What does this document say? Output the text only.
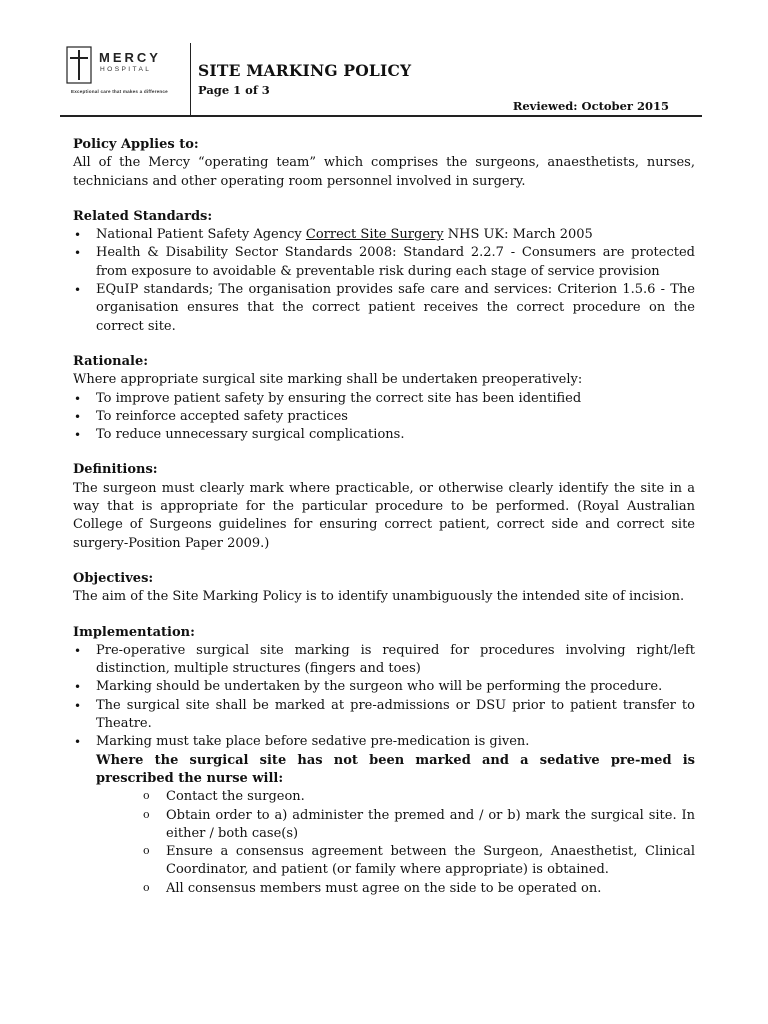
MERCY
HOSPITAL
Exceptional care that makes a difference
SITE MARKING POLICY
Page 1 of 3
Reviewed: October 2015
Policy Applies to:
All of the Mercy “operating team” which comprises the surgeons, anaesthetists, nurses, technicians and other operating room personnel involved in surgery.
Related Standards:
• National Patient Safety Agency Correct Site Surgery NHS UK: March 2005
• Health & Disability Sector Standards 2008: Standard 2.2.7 - Consumers are protected from exposure to avoidable & preventable risk during each stage of service provision
• EQuIP standards; The organisation provides safe care and services: Criterion 1.5.6 - The organisation ensures that the correct patient receives the correct procedure on the correct site.
Rationale:
Where appropriate surgical site marking shall be undertaken preoperatively:
• To improve patient safety by ensuring the correct site has been identified
• To reinforce accepted safety practices
• To reduce unnecessary surgical complications.
Definitions:
The surgeon must clearly mark where practicable, or otherwise clearly identify the site in a way that is appropriate for the particular procedure to be performed. (Royal Australian College of Surgeons guidelines for ensuring correct patient, correct side and correct site surgery-Position Paper 2009.)
Objectives:
The aim of the Site Marking Policy is to identify unambiguously the intended site of incision.
Implementation:
• Pre-operative surgical site marking is required for procedures involving right/left distinction, multiple structures (fingers and toes)
• Marking should be undertaken by the surgeon who will be performing the procedure.
• The surgical site shall be marked at pre-admissions or DSU prior to patient transfer to Theatre.
• Marking must take place before sedative pre-medication is given.
Where the surgical site has not been marked and a sedative pre-med is prescribed the nurse will:
o Contact the surgeon.
o Obtain order to a) administer the premed and / or b) mark the surgical site. In either / both case(s)
o Ensure a consensus agreement between the Surgeon, Anaesthetist, Clinical Coordinator, and patient (or family where appropriate) is obtained.
o All consensus members must agree on the side to be operated on.
